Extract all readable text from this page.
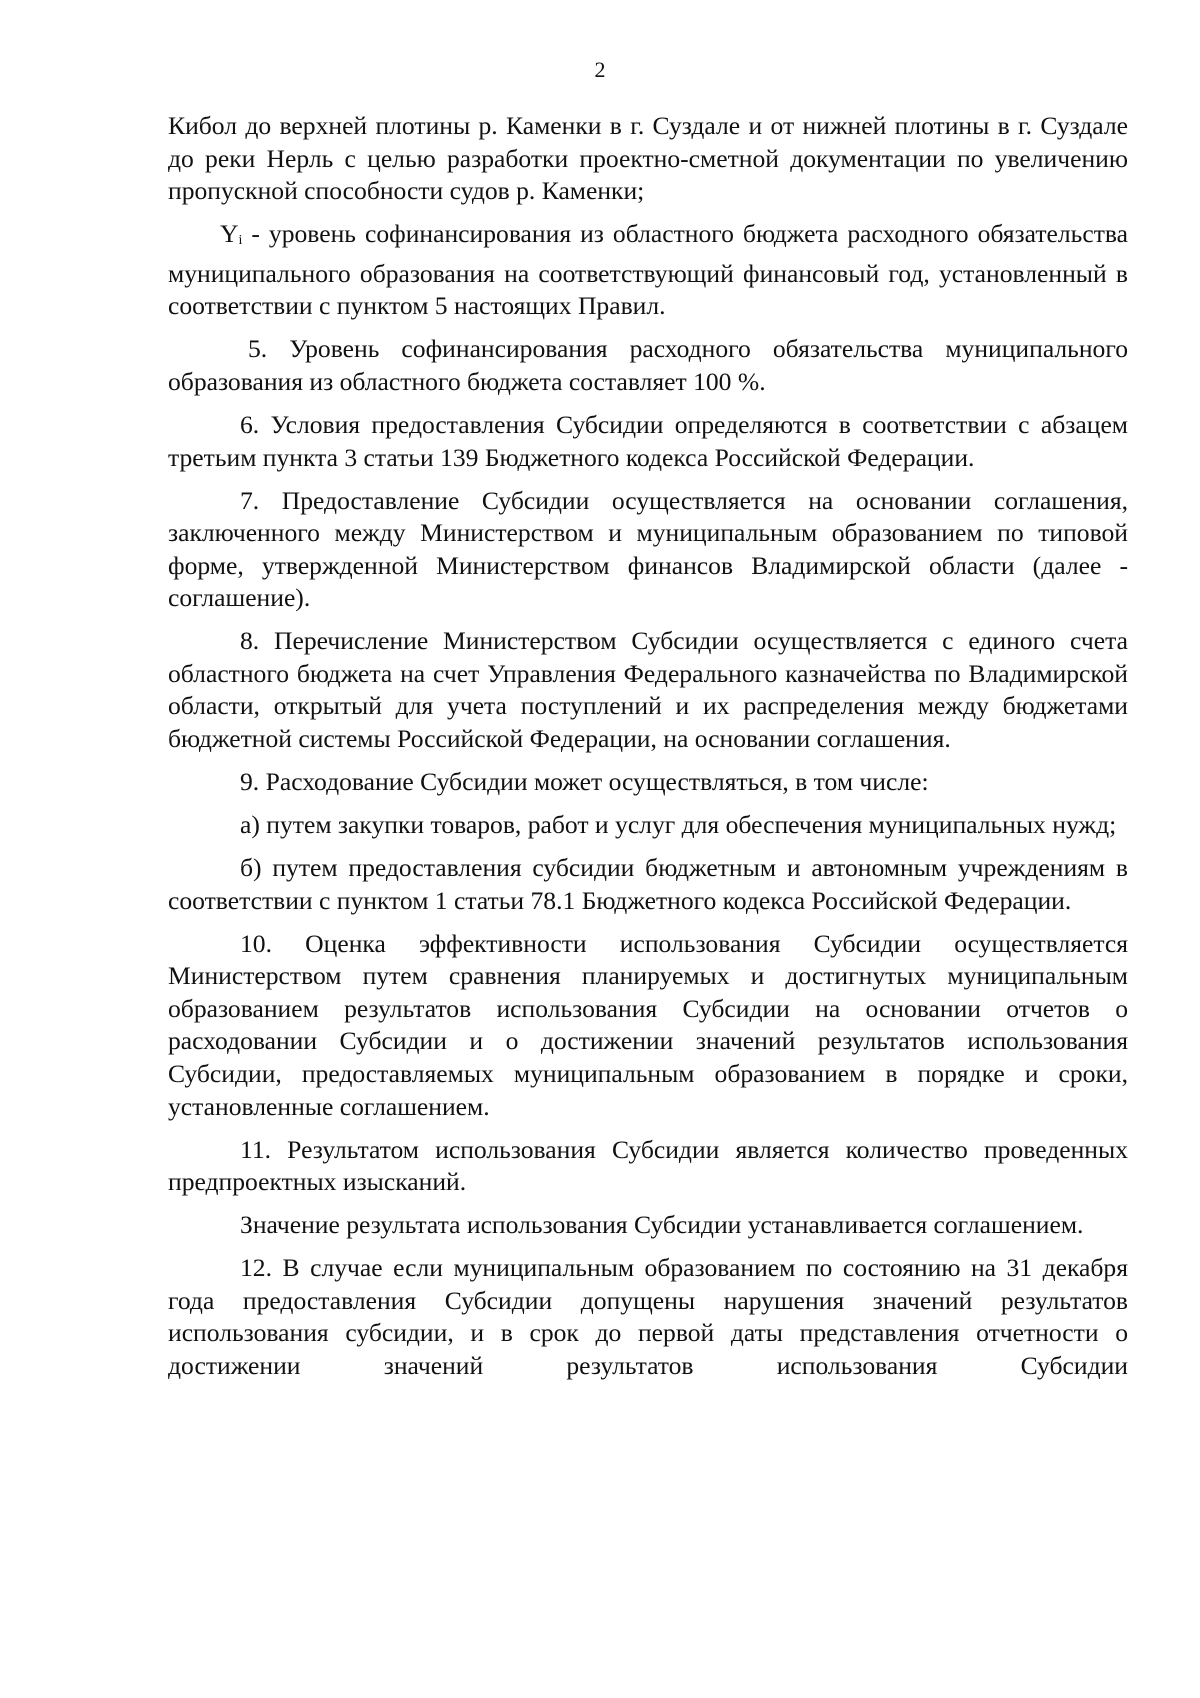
2

Кибол до верхней плотины р. Каменки в г. Суздале и от нижней плотины в г. Суздале до реки Нерль с целью разработки проектно-сметной документации по увеличению пропускной способности судов р. Каменки;

$Y_i$ - уровень софинансирования из областного бюджета расходного обязательства муниципального образования на соответствующий финансовый год, установленный в соответствии с пунктом 5 настоящих Правил.

5. Уровень софинансирования расходного обязательства муниципального образования из областного бюджета составляет 100 %.

6. Условия предоставления Субсидии определяются в соответствии с абзацем третьим пункта 3 статьи 139 Бюджетного кодекса Российской Федерации.

7. Предоставление Субсидии осуществляется на основании соглашения, заключенного между Министерством и муниципальным образованием по типовой форме, утвержденной Министерством финансов Владимирской области (далее - соглашение).

8. Перечисление Министерством Субсидии осуществляется с единого счета областного бюджета на счет Управления Федерального казначейства по Владимирской области, открытый для учета поступлений и их распределения между бюджетами бюджетной системы Российской Федерации, на основании соглашения.

9. Расходование Субсидии может осуществляться, в том числе:

а) путем закупки товаров, работ и услуг для обеспечения муниципальных нужд;

б) путем предоставления субсидии бюджетным и автономным учреждениям в соответствии с пунктом 1 статьи 78.1 Бюджетного кодекса Российской Федерации.

10. Оценка эффективности использования Субсидии осуществляется Министерством путем сравнения планируемых и достигнутых муниципальным образованием результатов использования Субсидии на основании отчетов о расходовании Субсидии и о достижении значений результатов использования Субсидии, предоставляемых муниципальным образованием в порядке и сроки, установленные соглашением.

11. Результатом использования Субсидии является количество проведенных предпроектных изысканий.

Значение результата использования Субсидии устанавливается соглашением.

12. В случае если муниципальным образованием по состоянию на 31 декабря года предоставления Субсидии допущены нарушения значений результатов использования субсидии, и в срок до первой даты представления отчетности о достижении значений результатов использования Субсидии
